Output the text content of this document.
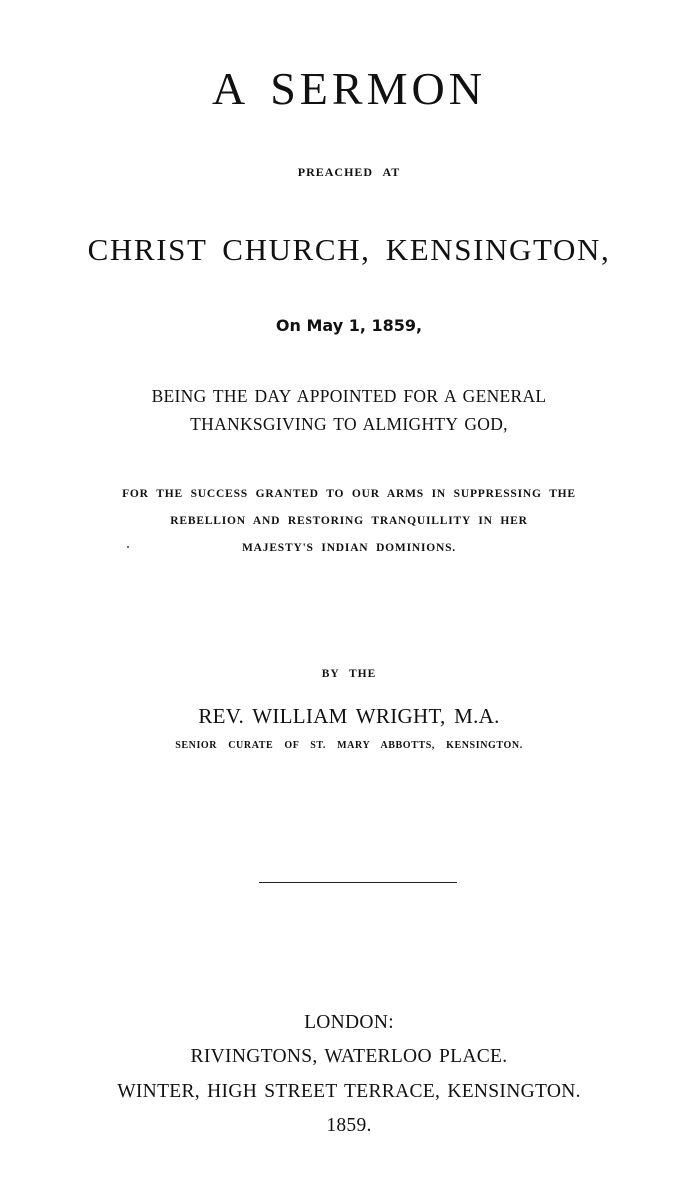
A SERMON
PREACHED AT
CHRIST CHURCH, KENSINGTON,
On May 1, 1859,
BEING THE DAY APPOINTED FOR A GENERAL
THANKSGIVING TO ALMIGHTY GOD,
FOR THE SUCCESS GRANTED TO OUR ARMS IN SUPPRESSING THE
REBELLION AND RESTORING TRANQUILLITY IN HER
MAJESTY'S INDIAN DOMINIONS.
BY THE
REV. WILLIAM WRIGHT, M.A.
SENIOR CURATE OF ST. MARY ABBOTTS, KENSINGTON.
LONDON:
RIVINGTONS, WATERLOO PLACE.
WINTER, HIGH STREET TERRACE, KENSINGTON.
1859.
